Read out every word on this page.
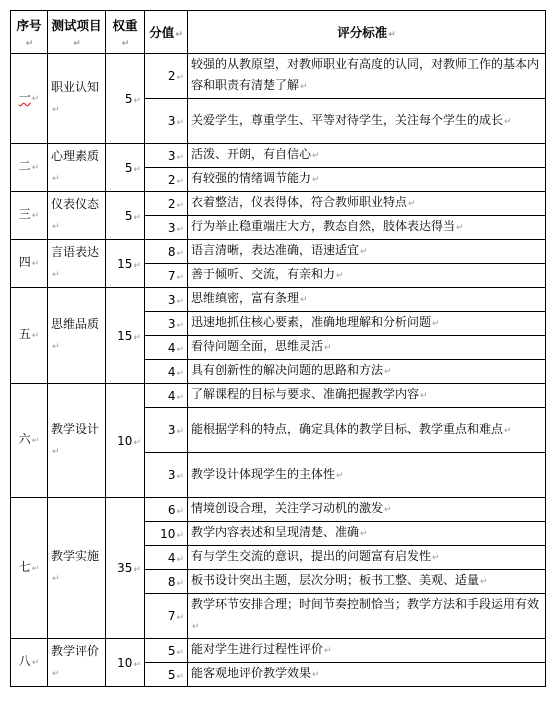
序号↵	测试项目↵	权重↵	分值↵	评分标准↵
一↵	职业认知↵	5↵	2↵	较强的从教原望，对教师职业有高度的认同，对教师工作的基本内容和职责有清楚了解↵
			3↵	关爱学生，尊重学生、平等对待学生，关注每个学生的成长↵
二↵	心理素质↵	5↵	3↵	活泼、开朗，有自信心↵
			2↵	有较强的情绪调节能力↵
三↵	仪表仪态↵	5↵	2↵	衣着整洁，仪表得体，符合教师职业特点↵
			3↵	行为举止稳重端庄大方，教态自然，肢体表达得当↵
四↵	言语表达↵	15↵	8↵	语言清晰，表达准确，语速适宜↵
			7↵	善于倾听、交流，有亲和力↵
五↵	思维品质↵	15↵	3↵	思维缜密，富有条理↵
			3↵	迅速地抓住核心要素，准确地理解和分析问题↵
			4↵	看待问题全面，思维灵活↵
			4↵	具有创新性的解决问题的思路和方法↵
六↵	教学设计↵	10↵	4↵	了解课程的目标与要求、准确把握教学内容↵
			3↵	能根据学科的特点，确定具体的教学目标、教学重点和难点↵
			3↵	教学设计体现学生的主体性↵
七↵	教学实施↵	35↵	6↵	情境创设合理，关注学习动机的激发↵
			10↵	教学内容表述和呈现清楚、准确↵
			4↵	有与学生交流的意识，提出的问题富有启发性↵
			8↵	板书设计突出主题，层次分明；板书工整、美观、适量↵
			7↵	教学环节安排合理；时间节奏控制恰当；教学方法和手段运用有效↵
八↵	教学评价↵	10↵	5↵	能对学生进行过程性评价↵
			5↵	能客观地评价教学效果↵
